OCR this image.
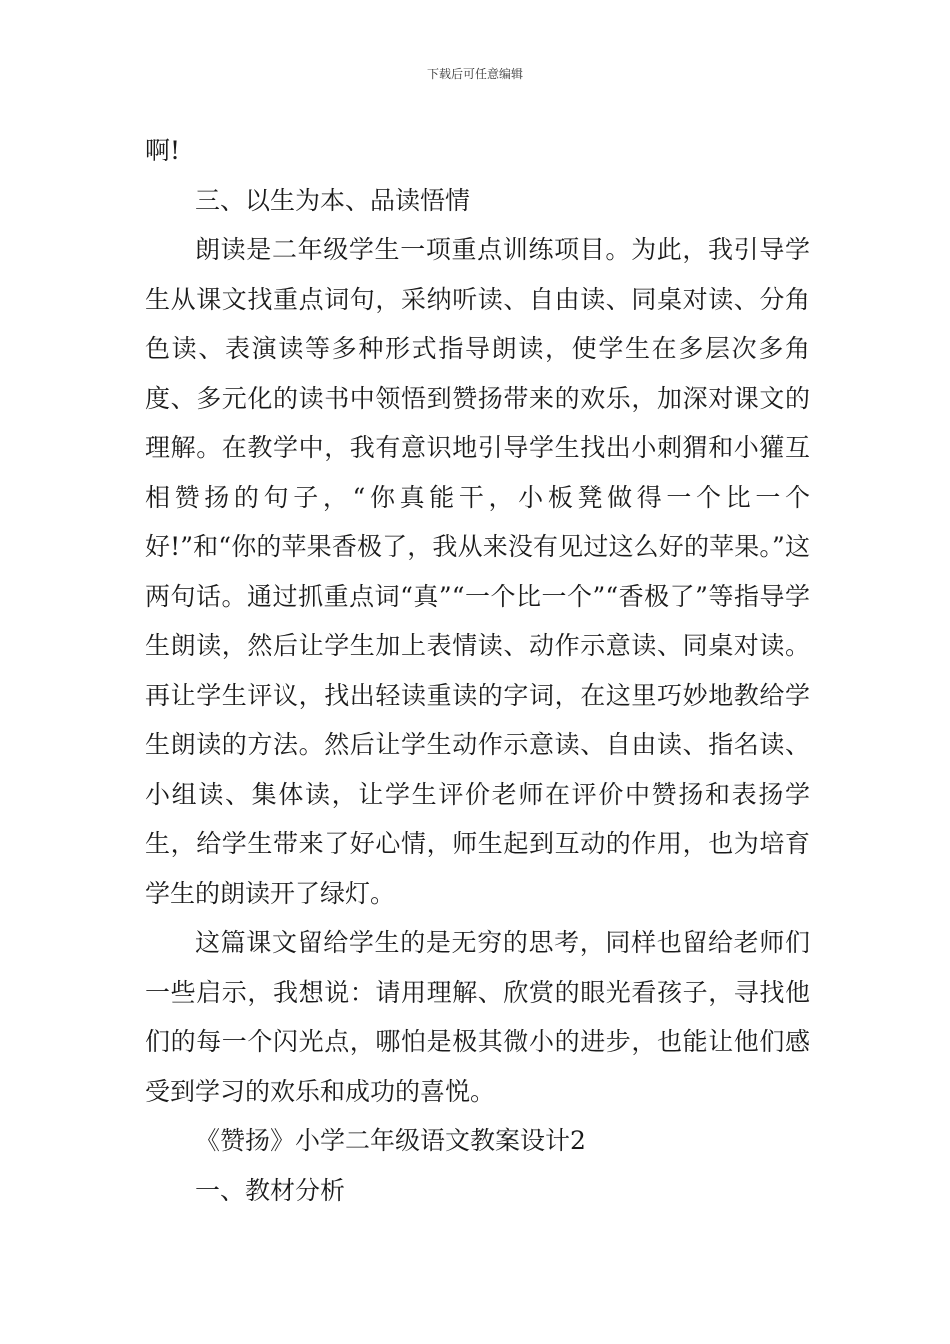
下载后可任意编辑

啊!

三、以生为本、品读悟情

朗读是二年级学生一项重点训练项目。为此，我引导学生从课文找重点词句，采纳听读、自由读、同桌对读、分角色读、表演读等多种形式指导朗读，使学生在多层次多角度、多元化的读书中领悟到赞扬带来的欢乐，加深对课文的理解。在教学中，我有意识地引导学生找出小刺猬和小獾互相赞扬的句子，“你真能干，小板凳做得一个比一个好!”和“你的苹果香极了，我从来没有见过这么好的苹果。”这两句话。通过抓重点词“真”“一个比一个”“香极了”等指导学生朗读，然后让学生加上表情读、动作示意读、同桌对读。再让学生评议，找出轻读重读的字词，在这里巧妙地教给学生朗读的方法。然后让学生动作示意读、自由读、指名读、小组读、集体读，让学生评价老师在评价中赞扬和表扬学生，给学生带来了好心情，师生起到互动的作用，也为培育学生的朗读开了绿灯。

这篇课文留给学生的是无穷的思考，同样也留给老师们一些启示，我想说：请用理解、欣赏的眼光看孩子，寻找他们的每一个闪光点，哪怕是极其微小的进步，也能让他们感受到学习的欢乐和成功的喜悦。

《赞扬》小学二年级语文教案设计2

一、教材分析
